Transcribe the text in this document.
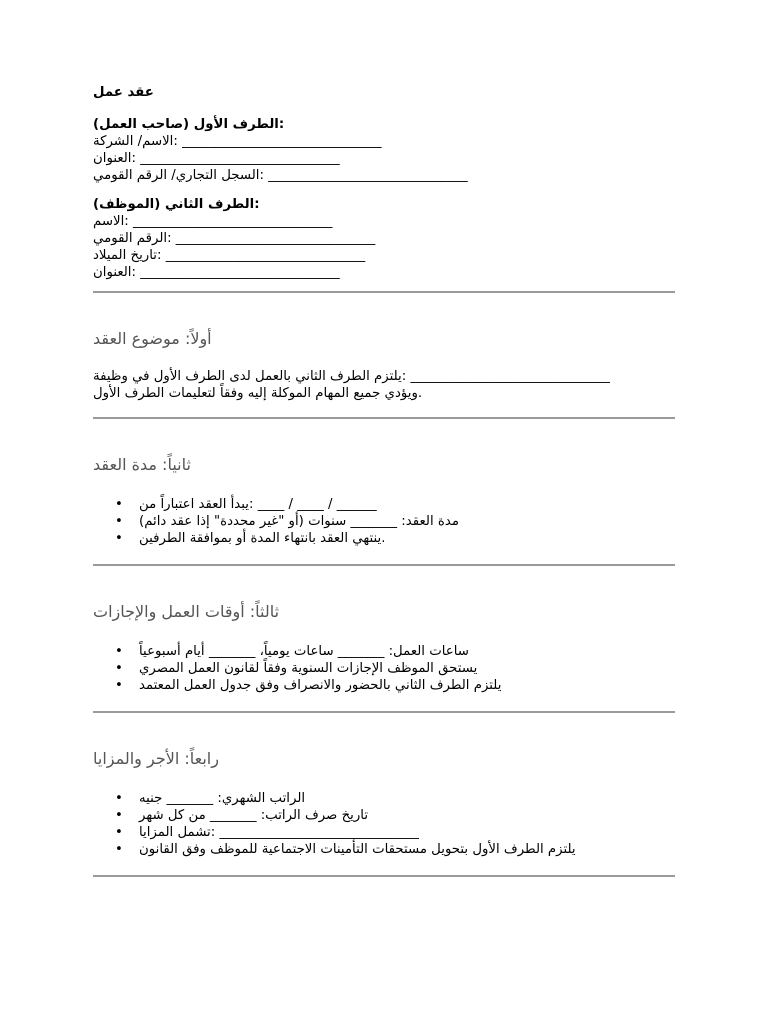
عقد عمل
(الطرف الأول (صاحب العمل:
الاسم/ الشركة: ______________________________
العنوان: ______________________________
السجل التجاري/ الرقم القومي: ______________________________
(الطرف الثاني (الموظف:
الاسم: ______________________________
الرقم القومي: ______________________________
تاريخ الميلاد: ______________________________
العنوان: ______________________________
أولاً: موضوع العقد
يلتزم الطرف الثاني بالعمل لدى الطرف الأول في وظيفة: ______________________________
ويؤدي جميع المهام الموكلة إليه وفقاً لتعليمات الطرف الأول.
ثانياً: مدة العقد
• يبدأ العقد اعتباراً من: ____ / ____ / ______
• مدة العقد: _______ سنوات (أو "غير محددة" إذا عقد دائم)
• ينتهي العقد بانتهاء المدة أو بموافقة الطرفين.
ثالثاً: أوقات العمل والإجازات
• ساعات العمل: _______ ساعات يومياً، _______ أيام أسبوعياً
• يستحق الموظف الإجازات السنوية وفقاً لقانون العمل المصري
• يلتزم الطرف الثاني بالحضور والانصراف وفق جدول العمل المعتمد
رابعاً: الأجر والمزايا
• الراتب الشهري: _______ جنيه
• تاريخ صرف الراتب: _______ من كل شهر
• تشمل المزايا: ______________________________
• يلتزم الطرف الأول بتحويل مستحقات التأمينات الاجتماعية للموظف وفق القانون
